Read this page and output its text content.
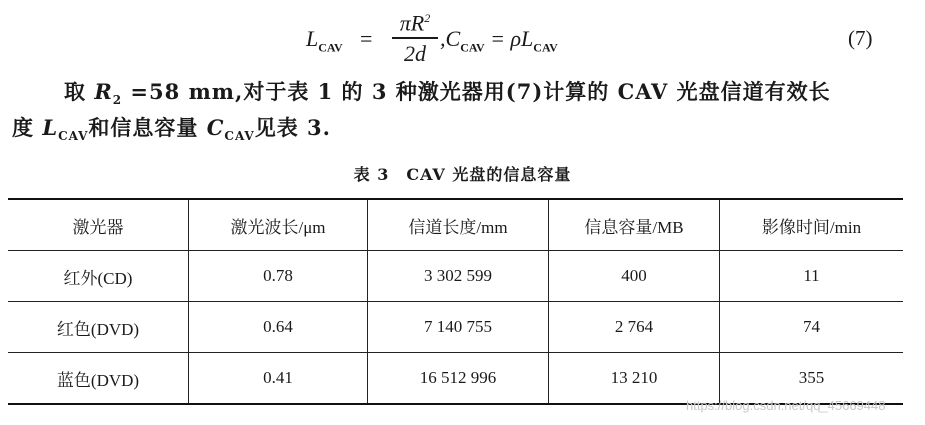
$L_{CAV}$ =
$\pi R^2$
2d
$,C_{CAV} = \rho L_{CAV}$	(7)
取 $R_2 =58$ mm,对于表 1 的 3 种激光器用(7)计算的 CAV 光盘信道有效长
度 $L_{CAV}$和信息容量 $C_{CAV}$见表 3.
表 3　CAV 光盘的信息容量
激光器	激光波长/μm	信道长度/mm	信息容量/MB	影像时间/min
红外(CD)	0.78	3 302 599	400	11
红色(DVD)	0.64	7 140 755	2 764	74
蓝色(DVD)	0.41	16 512 996	13 210	355
https://blog.csdn.net/qq_45669448
